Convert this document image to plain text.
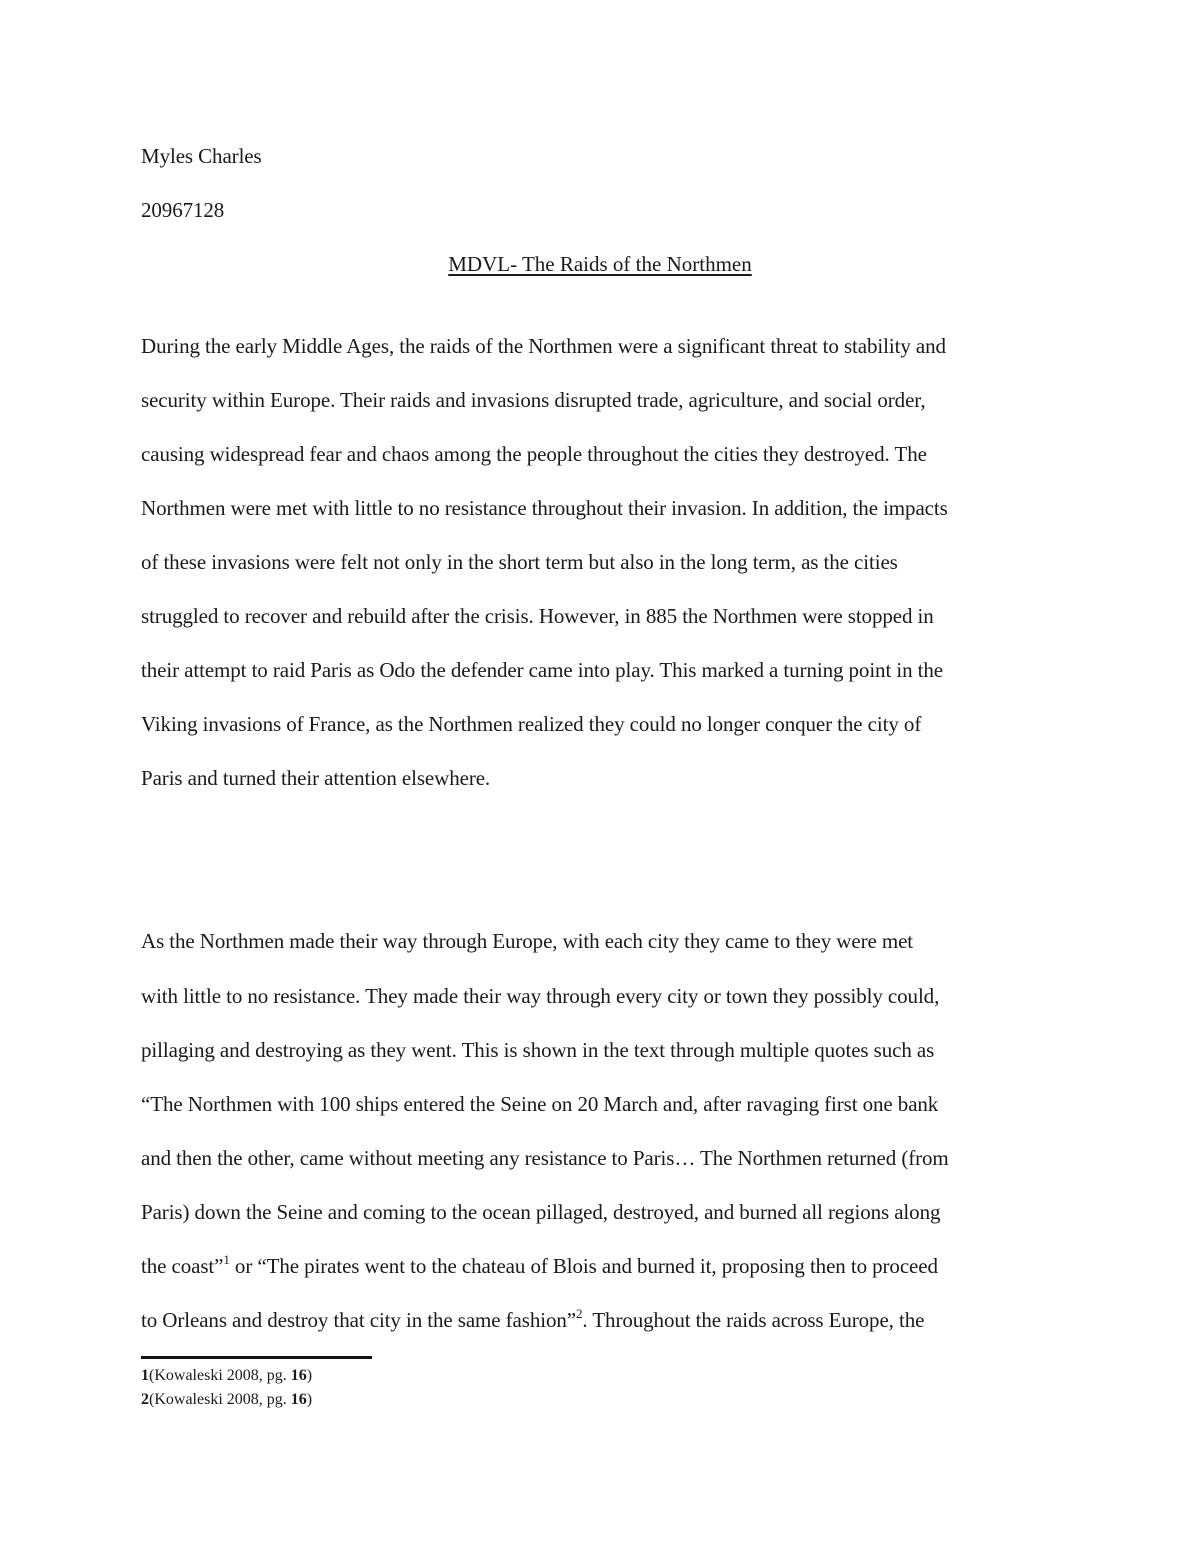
Myles Charles
20967128
MDVL- The Raids of the Northmen
During the early Middle Ages, the raids of the Northmen were a significant threat to stability and
security within Europe. Their raids and invasions disrupted trade, agriculture, and social order,
causing widespread fear and chaos among the people throughout the cities they destroyed. The
Northmen were met with little to no resistance throughout their invasion. In addition, the impacts
of these invasions were felt not only in the short term but also in the long term, as the cities
struggled to recover and rebuild after the crisis. However, in 885 the Northmen were stopped in
their attempt to raid Paris as Odo the defender came into play. This marked a turning point in the
Viking invasions of France, as the Northmen realized they could no longer conquer the city of
Paris and turned their attention elsewhere.
As the Northmen made their way through Europe, with each city they came to they were met
with little to no resistance. They made their way through every city or town they possibly could,
pillaging and destroying as they went. This is shown in the text through multiple quotes such as
“The Northmen with 100 ships entered the Seine on 20 March and, after ravaging first one bank
and then the other, came without meeting any resistance to Paris… The Northmen returned (from
Paris) down the Seine and coming to the ocean pillaged, destroyed, and burned all regions along
the coast”$^1$ or “The pirates went to the chateau of Blois and burned it, proposing then to proceed
to Orleans and destroy that city in the same fashion”$^2$. Throughout the raids across Europe, the
1(Kowaleski 2008, pg. 16)
2(Kowaleski 2008, pg. 16)
